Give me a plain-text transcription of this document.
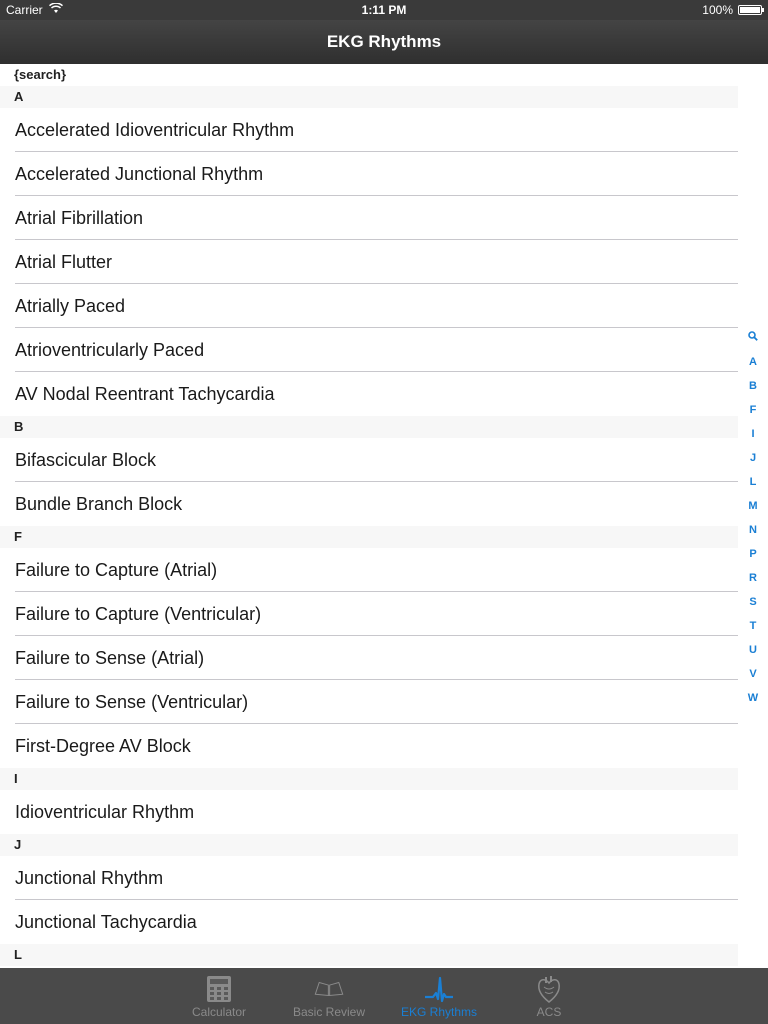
Carrier	1:11 PM	100%
EKG Rhythms
{search}
A
Accelerated Idioventricular Rhythm
Accelerated Junctional Rhythm
Atrial Fibrillation
Atrial Flutter
Atrially Paced
Atrioventricularly Paced
AV Nodal Reentrant Tachycardia
B
Bifascicular Block
Bundle Branch Block
F
Failure to Capture (Atrial)
Failure to Capture (Ventricular)
Failure to Sense (Atrial)
Failure to Sense (Ventricular)
First-Degree AV Block
I
Idioventricular Rhythm
J
Junctional Rhythm
Junctional Tachycardia
L
A
B
F
I
J
L
M
N
P
R
S
T
U
V
W
Calculator	Basic Review	EKG Rhythms	ACS
